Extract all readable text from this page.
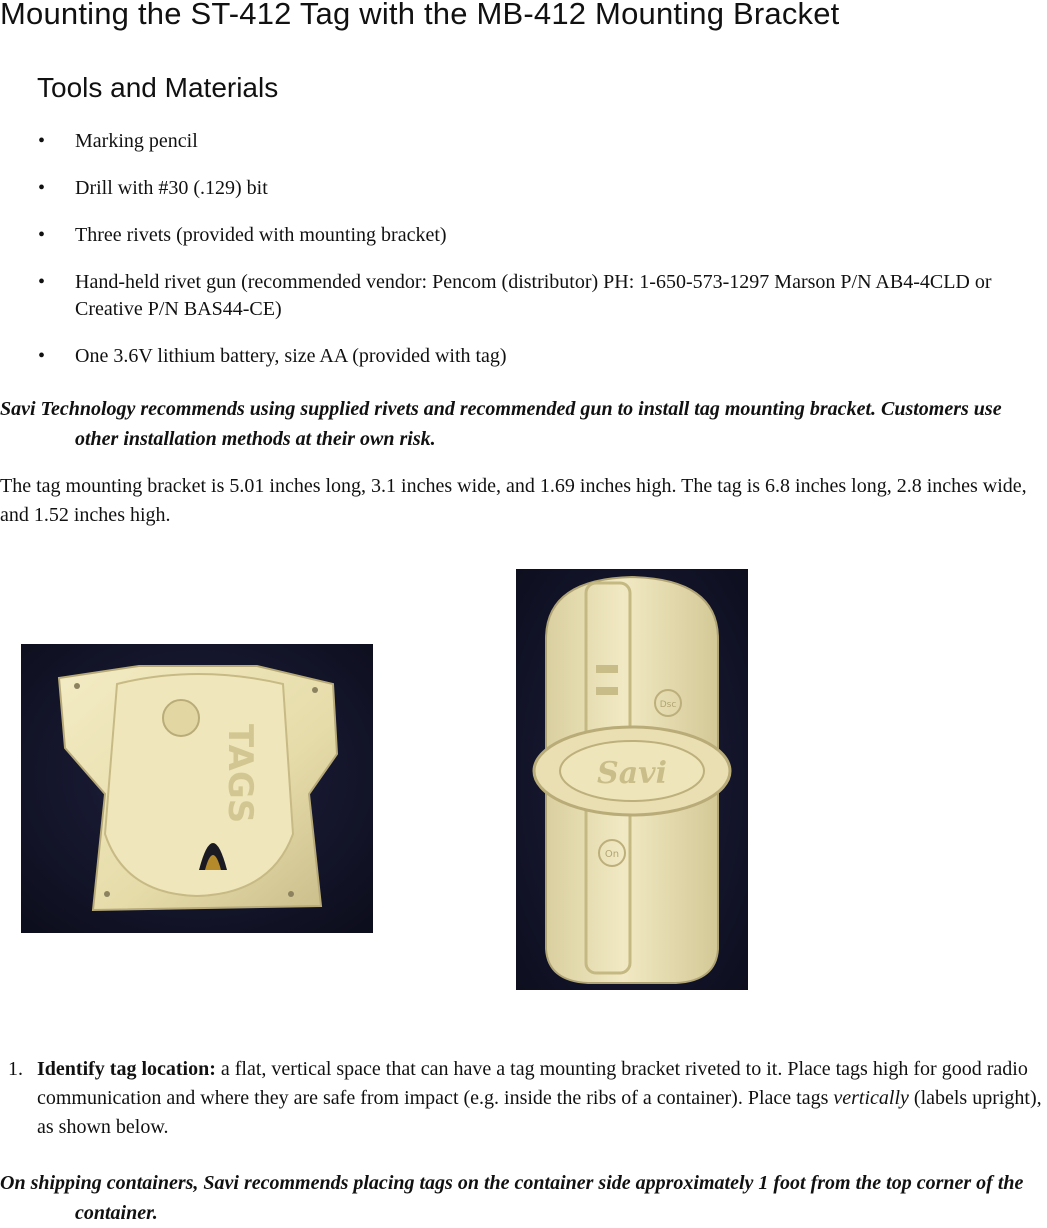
Mounting the ST-412 Tag with the MB-412 Mounting Bracket
Tools and Materials
• Marking pencil
• Drill with #30 (.129) bit
• Three rivets (provided with mounting bracket)
• Hand-held rivet gun (recommended vendor: Pencom (distributor) PH: 1-650-573-1297 Marson P/N AB4-4CLD or Creative P/N BAS44-CE)
• One 3.6V lithium battery, size AA (provided with tag)

Savi Technology recommends using supplied rivets and recommended gun to install tag mounting bracket. Customers use other installation methods at their own risk.

The tag mounting bracket is 5.01 inches long, 3.1 inches wide, and 1.69 inches high. The tag is 6.8 inches long, 2.8 inches wide, and 1.52 inches high.

TAGS	Savi
Dsc
On
1. Identify tag location: a flat, vertical space that can have a tag mounting bracket riveted to it. Place tags high for good radio communication and where they are safe from impact (e.g. inside the ribs of a container). Place tags vertically (labels upright), as shown below.

On shipping containers, Savi recommends placing tags on the container side approximately 1 foot from the top corner of the container.
